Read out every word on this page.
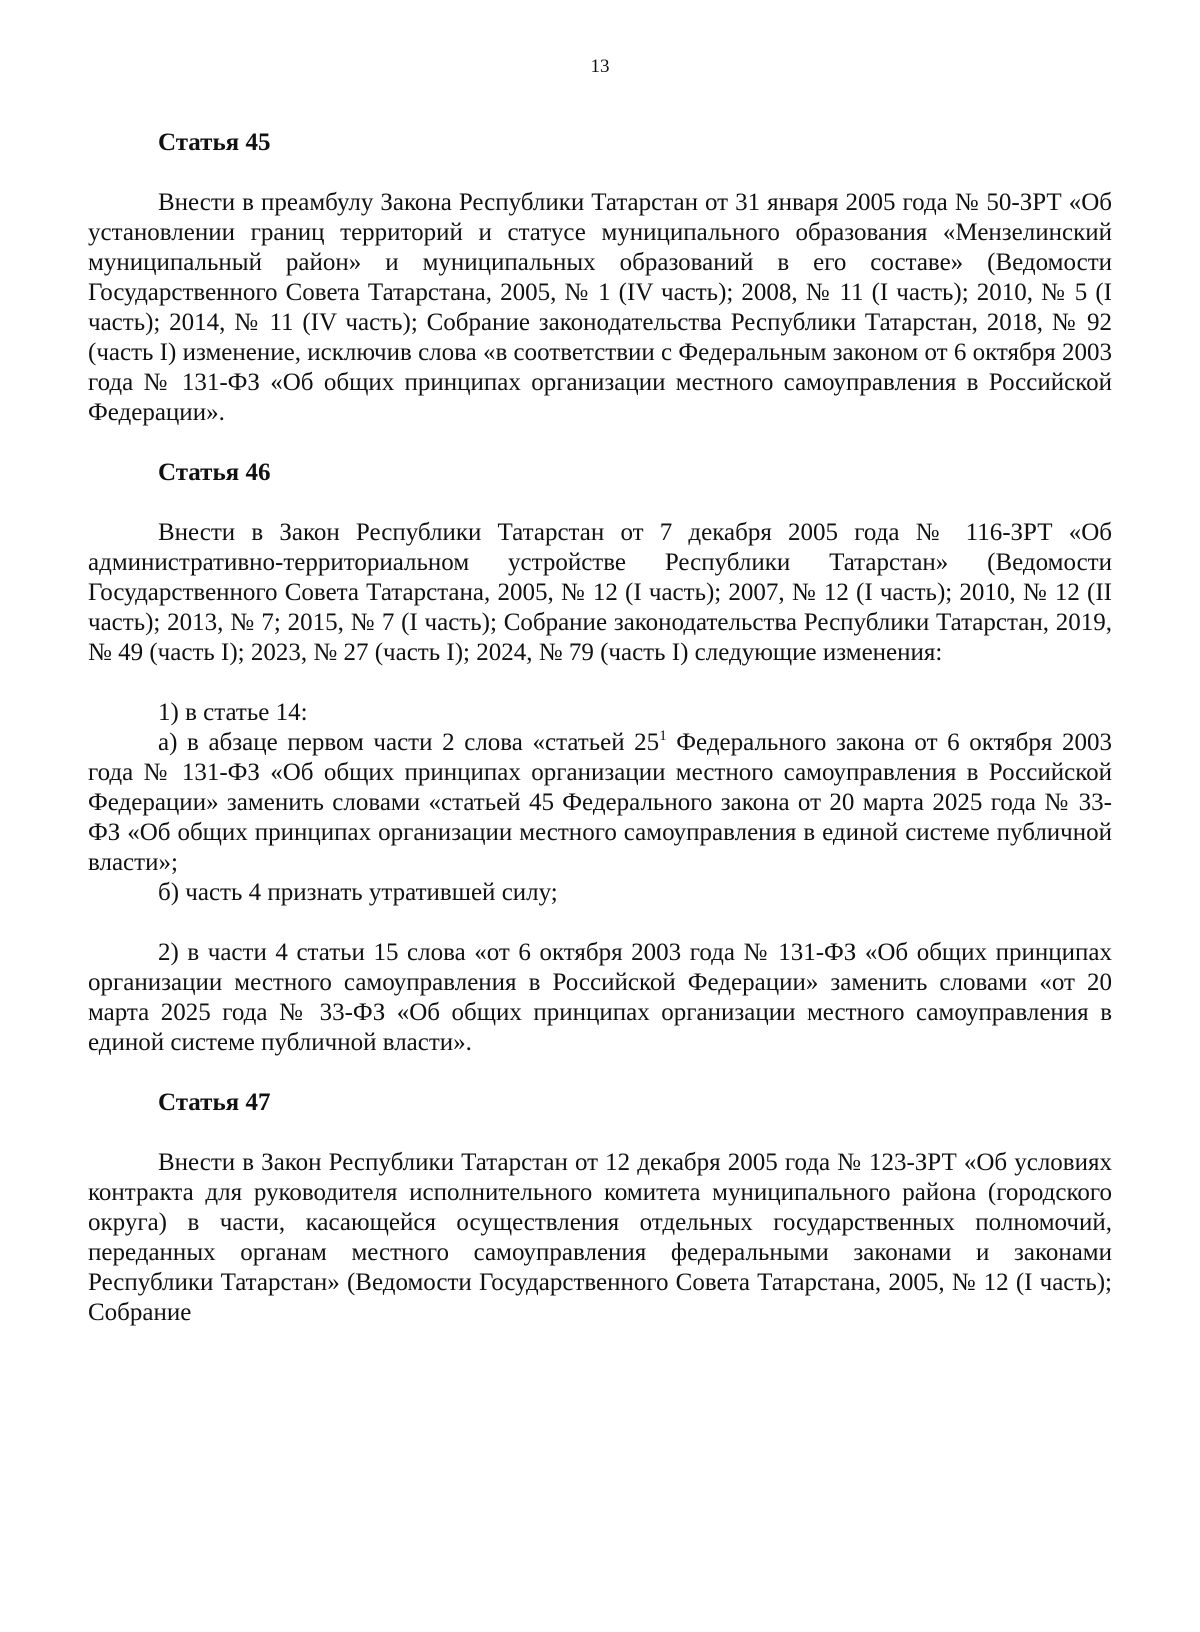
13
Статья 45

Внести в преамбулу Закона Республики Татарстан от 31 января 2005 года № 50-ЗРТ «Об установлении границ территорий и статусе муниципального образования «Мензелинский муниципальный район» и муниципальных образований в его составе» (Ведомости Государственного Совета Татарстана, 2005, № 1 (IV часть); 2008, № 11 (I часть); 2010, № 5 (I часть); 2014, № 11 (IV часть); Собрание законодательства Республики Татарстан, 2018, № 92 (часть I) изменение, исключив слова «в соответствии с Федеральным законом от 6 октября 2003 года № 131-ФЗ «Об общих принципах организации местного самоуправления в Российской Федерации».

Статья 46

Внести в Закон Республики Татарстан от 7 декабря 2005 года № 116-ЗРТ «Об административно-территориальном устройстве Республики Татарстан» (Ведомости Государственного Совета Татарстана, 2005, № 12 (I часть); 2007, № 12 (I часть); 2010, № 12 (II часть); 2013, № 7; 2015, № 7 (I часть); Собрание законодательства Республики Татарстан, 2019, № 49 (часть I); 2023, № 27 (часть I); 2024, № 79 (часть I) следующие изменения:

1) в статье 14:

а) в абзаце первом части 2 слова «статьей $25^1$ Федерального закона от 6 октября 2003 года № 131-ФЗ «Об общих принципах организации местного самоуправления в Российской Федерации» заменить словами «статьей 45 Федерального закона от 20 марта 2025 года № 33-ФЗ «Об общих принципах организации местного самоуправления в единой системе публичной власти»;

б) часть 4 признать утратившей силу;

2) в части 4 статьи 15 слова «от 6 октября 2003 года № 131-ФЗ «Об общих принципах организации местного самоуправления в Российской Федерации» заменить словами «от 20 марта 2025 года № 33-ФЗ «Об общих принципах организации местного самоуправления в единой системе публичной власти».

Статья 47

Внести в Закон Республики Татарстан от 12 декабря 2005 года № 123-ЗРТ «Об условиях контракта для руководителя исполнительного комитета муниципального района (городского округа) в части, касающейся осуществления отдельных государственных полномочий, переданных органам местного самоуправления федеральными законами и законами Республики Татарстан» (Ведомости Государственного Совета Татарстана, 2005, № 12 (I часть); Собрание
